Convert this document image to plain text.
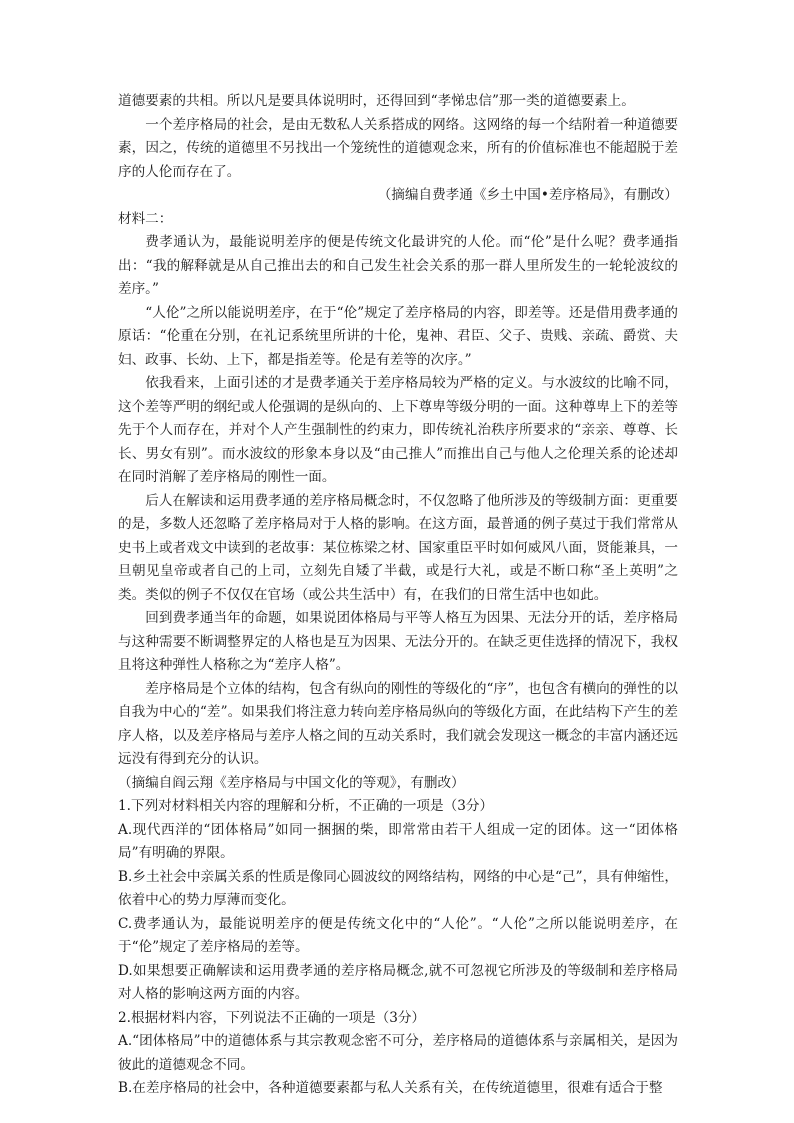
道德要素的共相。所以凡是要具体说明时，还得回到“孝悌忠信”那一类的道德要素上。

一个差序格局的社会，是由无数私人关系搭成的网络。这网络的每一个结附着一种道德要素，因之，传统的道德里不另找出一个笼统性的道德观念来，所有的价值标准也不能超脱于差序的人伦而存在了。

（摘编自费孝通《乡土中国•差序格局》，有删改）

材料二：

费孝通认为，最能说明差序的便是传统文化最讲究的人伦。而“伦”是什么呢？费孝通指出：“我的解释就是从自己推出去的和自己发生社会关系的那一群人里所发生的一轮轮波纹的差序。”

“人伦”之所以能说明差序，在于“伦”规定了差序格局的内容，即差等。还是借用费孝通的原话：“伦重在分别，在礼记系统里所讲的十伦，鬼神、君臣、父子、贵贱、亲疏、爵赏、夫妇、政事、长幼、上下，都是指差等。伦是有差等的次序。”

依我看来，上面引述的才是费孝通关于差序格局较为严格的定义。与水波纹的比喻不同，这个差等严明的纲纪或人伦强调的是纵向的、上下尊卑等级分明的一面。这种尊卑上下的差等先于个人而存在，并对个人产生强制性的约束力，即传统礼治秩序所要求的“亲亲、尊尊、长长、男女有别”。而水波纹的形象本身以及“由己推人”而推出自己与他人之伦理关系的论述却在同时消解了差序格局的刚性一面。

后人在解读和运用费孝通的差序格局概念时，不仅忽略了他所涉及的等级制方面：更重要的是，多数人还忽略了差序格局对于人格的影响。在这方面，最普通的例子莫过于我们常常从史书上或者戏文中读到的老故事：某位栋梁之材、国家重臣平时如何威风八面，贤能兼具，一旦朝见皇帝或者自己的上司，立刻先自矮了半截，或是行大礼，或是不断口称“圣上英明”之类。类似的例子不仅仅在官场（或公共生活中）有，在我们的日常生活中也如此。

回到费孝通当年的命题，如果说团体格局与平等人格互为因果、无法分开的话，差序格局与这种需要不断调整界定的人格也是互为因果、无法分开的。在缺乏更佳选择的情况下，我权且将这种弹性人格称之为“差序人格”。

差序格局是个立体的结构，包含有纵向的刚性的等级化的“序”，也包含有横向的弹性的以自我为中心的“差”。如果我们将注意力转向差序格局纵向的等级化方面，在此结构下产生的差序人格，以及差序格局与差序人格之间的互动关系时，我们就会发现这一概念的丰富内涵还远远没有得到充分的认识。

（摘编自阎云翔《差序格局与中国文化的等观》，有删改）

1.下列对材料相关内容的理解和分析，不正确的一项是（3分）

A.现代西洋的“团体格局”如同一捆捆的柴，即常常由若干人组成一定的团体。这一“团体格局”有明确的界限。

B.乡土社会中亲属关系的性质是像同心圆波纹的网络结构，网络的中心是“己”，具有伸缩性，依着中心的势力厚薄而变化。

C.费孝通认为，最能说明差序的便是传统文化中的“人伦”。“人伦”之所以能说明差序，在于“伦”规定了差序格局的差等。

D.如果想要正确解读和运用费孝通的差序格局概念,就不可忽视它所涉及的等级制和差序格局对人格的影响这两方面的内容。

2.根据材料内容，下列说法不正确的一项是（3分）

A.“团体格局”中的道德体系与其宗教观念密不可分，差序格局的道德体系与亲属相关，是因为彼此的道德观念不同。

B.在差序格局的社会中，各种道德要素都与私人关系有关，在传统道德里，很难有适合于整
